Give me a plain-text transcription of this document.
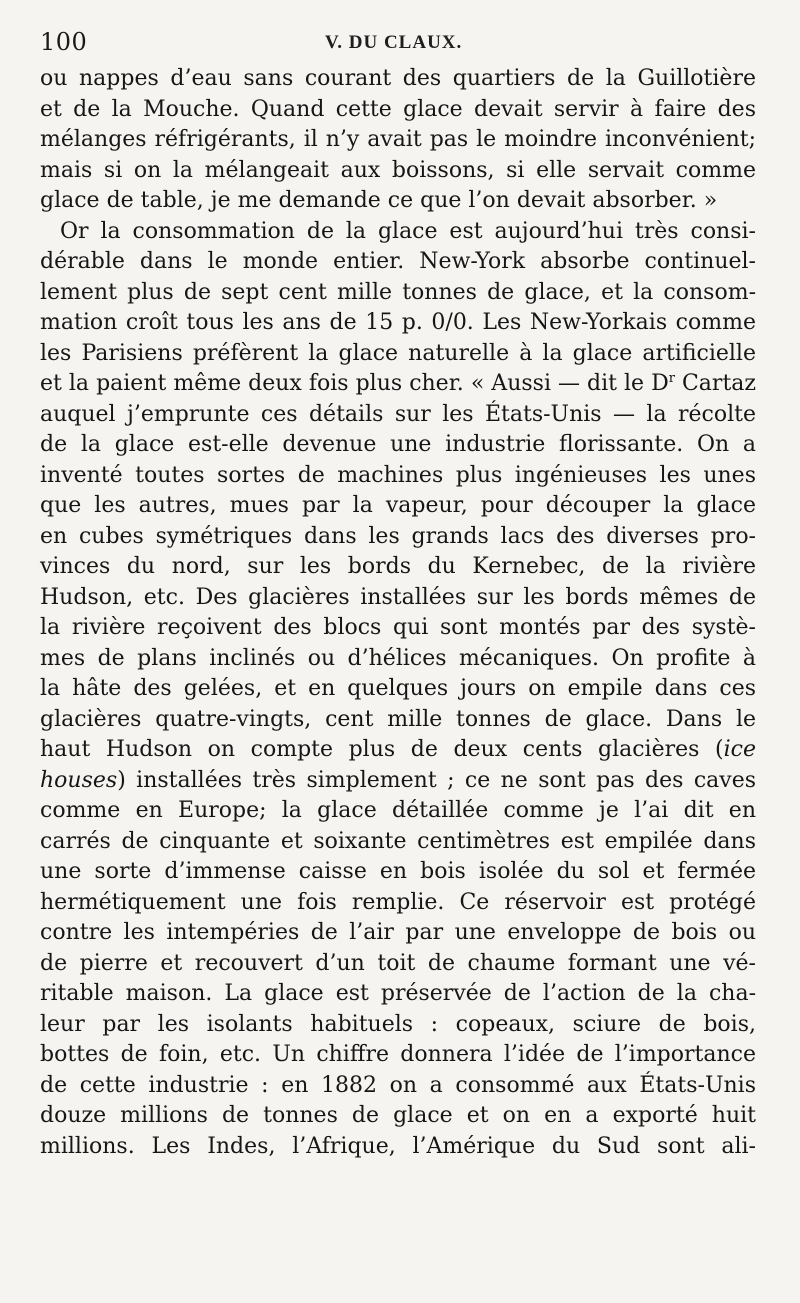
100	V. DU CLAUX.
ou nappes d’eau sans courant des quartiers de la Guillotière
et de la Mouche. Quand cette glace devait servir à faire des
mélanges réfrigérants, il n’y avait pas le moindre inconvénient;
mais si on la mélangeait aux boissons, si elle servait comme
glace de table, je me demande ce que l’on devait absorber. »
Or la consommation de la glace est aujourd’hui très consi-
dérable dans le monde entier. New-York absorbe continuel-
lement plus de sept cent mille tonnes de glace, et la consom-
mation croît tous les ans de 15 p. 0/0. Les New-Yorkais comme
les Parisiens préfèrent la glace naturelle à la glace artificielle
et la paient même deux fois plus cher. « Aussi — dit le $D^r$ Cartaz
auquel j’emprunte ces détails sur les États-Unis — la récolte
de la glace est-elle devenue une industrie florissante. On a
inventé toutes sortes de machines plus ingénieuses les unes
que les autres, mues par la vapeur, pour découper la glace
en cubes symétriques dans les grands lacs des diverses pro-
vinces du nord, sur les bords du Kernebec, de la rivière
Hudson, etc. Des glacières installées sur les bords mêmes de
la rivière reçoivent des blocs qui sont montés par des systè-
mes de plans inclinés ou d’hélices mécaniques. On profite à
la hâte des gelées, et en quelques jours on empile dans ces
glacières quatre-vingts, cent mille tonnes de glace. Dans le
haut Hudson on compte plus de deux cents glacières (ice
houses) installées très simplement ; ce ne sont pas des caves
comme en Europe; la glace détaillée comme je l’ai dit en
carrés de cinquante et soixante centimètres est empilée dans
une sorte d’immense caisse en bois isolée du sol et fermée
hermétiquement une fois remplie. Ce réservoir est protégé
contre les intempéries de l’air par une enveloppe de bois ou
de pierre et recouvert d’un toit de chaume formant une vé-
ritable maison. La glace est préservée de l’action de la cha-
leur par les isolants habituels : copeaux, sciure de bois,
bottes de foin, etc. Un chiffre donnera l’idée de l’importance
de cette industrie : en 1882 on a consommé aux États-Unis
douze millions de tonnes de glace et on en a exporté huit
millions. Les Indes, l’Afrique, l’Amérique du Sud sont ali-
